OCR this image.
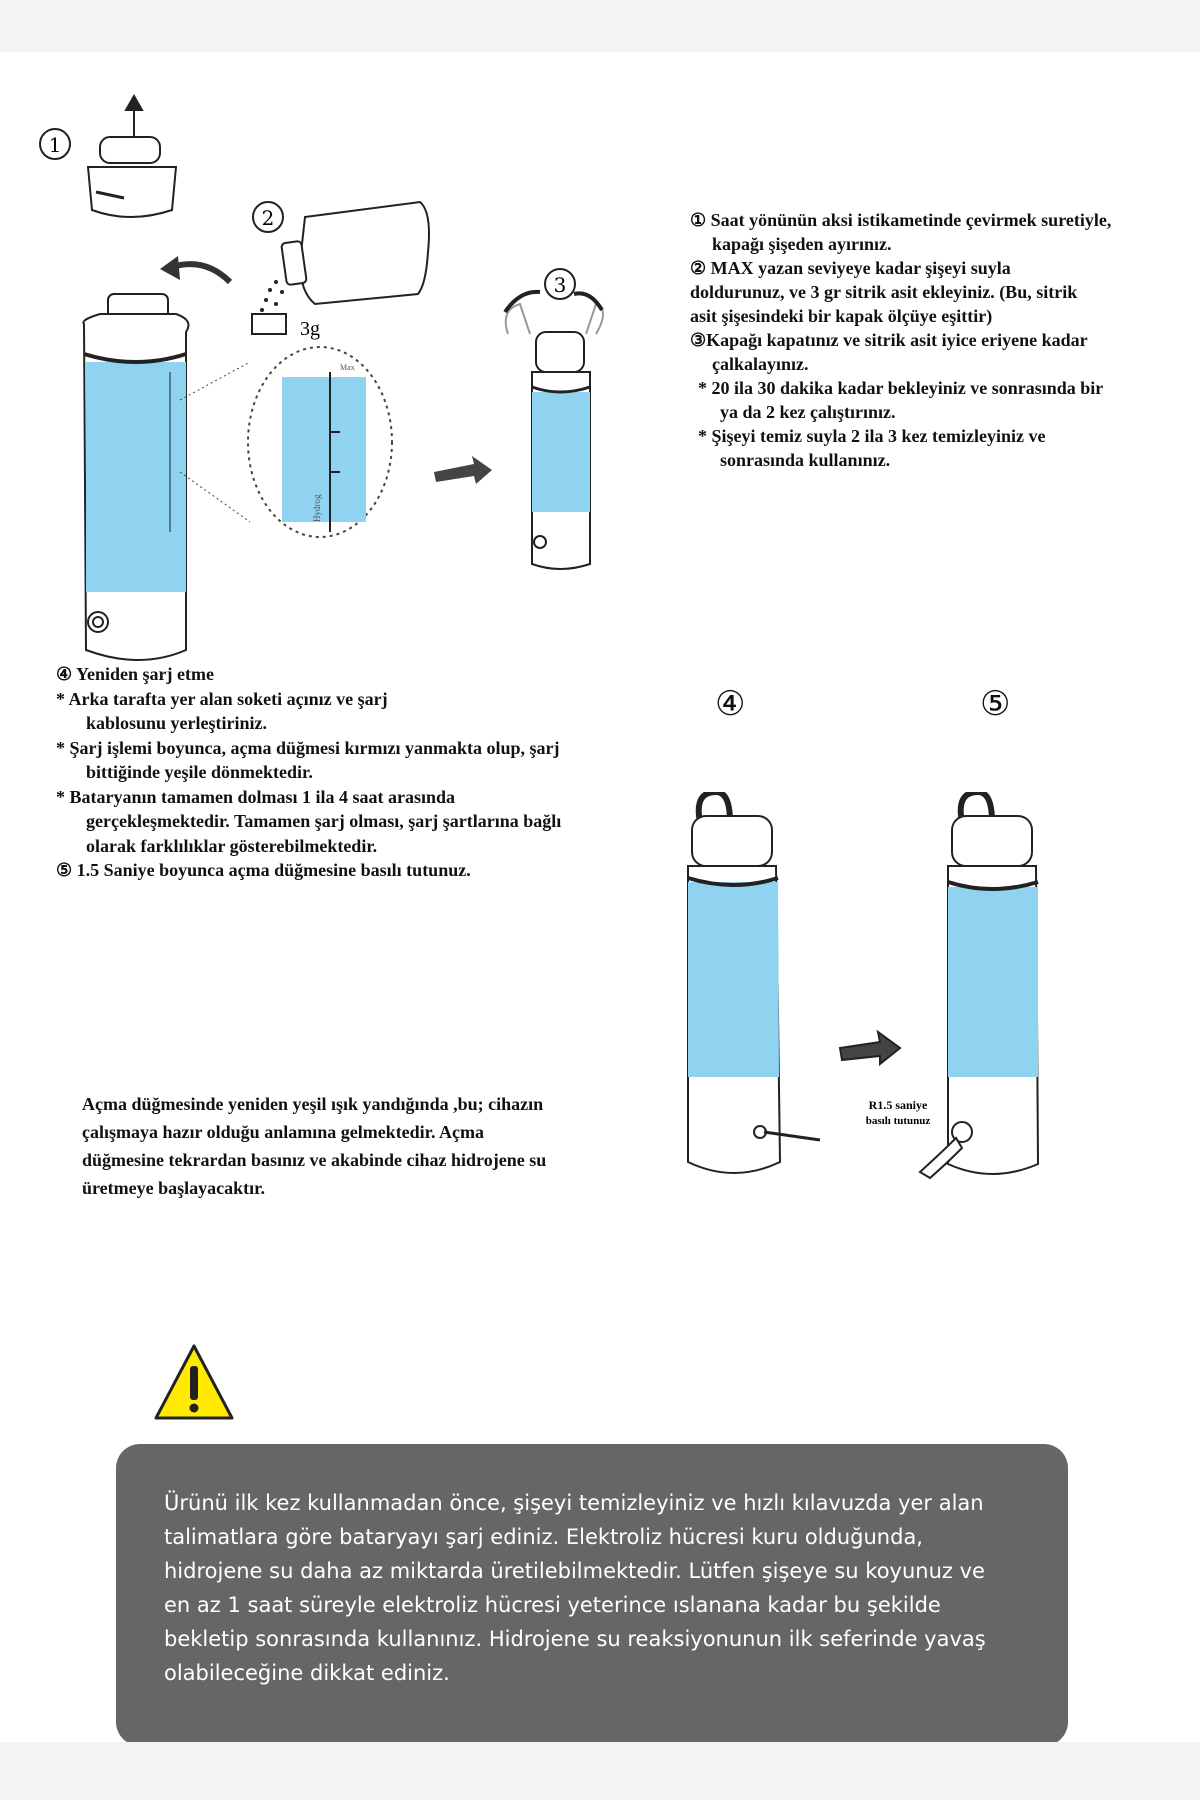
1
2
3
3g
Max
Hydrog
① Saat yönünün aksi istikametinde çevirmek suretiyle,
kapağı şişeden ayırınız.
② MAX yazan seviyeye kadar şişeyi suyla
doldurunuz, ve 3 gr sitrik asit ekleyiniz. (Bu, sitrik
asit şişesindeki bir kapak ölçüye eşittir)
③Kapağı kapatınız ve sitrik asit iyice eriyene kadar
çalkalayınız.
* 20 ila 30 dakika kadar bekleyiniz ve sonrasında bir
ya da 2 kez çalıştırınız.
* Şişeyi temiz suyla 2 ila 3 kez temizleyiniz ve
sonrasında kullanınız.
④ Yeniden şarj etme
* Arka tarafta yer alan soketi açınız ve şarj
kablosunu yerleştiriniz.
* Şarj işlemi boyunca, açma düğmesi kırmızı yanmakta olup, şarj
bittiğinde yeşile dönmektedir.
* Bataryanın tamamen dolması 1 ila 4 saat arasında
gerçekleşmektedir. Tamamen şarj olması, şarj şartlarına bağlı
olarak farklılıklar gösterebilmektedir.
⑤ 1.5 Saniye boyunca açma düğmesine basılı tutunuz.
④	⑤
R1.5 saniye
basılı tutunuz
Açma düğmesinde yeniden yeşil ışık yandığında ,bu; cihazın
çalışmaya hazır olduğu anlamına gelmektedir. Açma
düğmesine tekrardan basınız ve akabinde cihaz hidrojene su
üretmeye başlayacaktır.
Ürünü ilk kez kullanmadan önce, şişeyi temizleyiniz ve hızlı kılavuzda yer alan
talimatlara göre bataryayı şarj ediniz. Elektroliz hücresi kuru olduğunda,
hidrojene su daha az miktarda üretilebilmektedir. Lütfen şişeye su koyunuz ve
en az 1 saat süreyle elektroliz hücresi yeterince ıslanana kadar bu şekilde
bekletip sonrasında kullanınız. Hidrojene su reaksiyonunun ilk seferinde yavaş
olabileceğine dikkat ediniz.
